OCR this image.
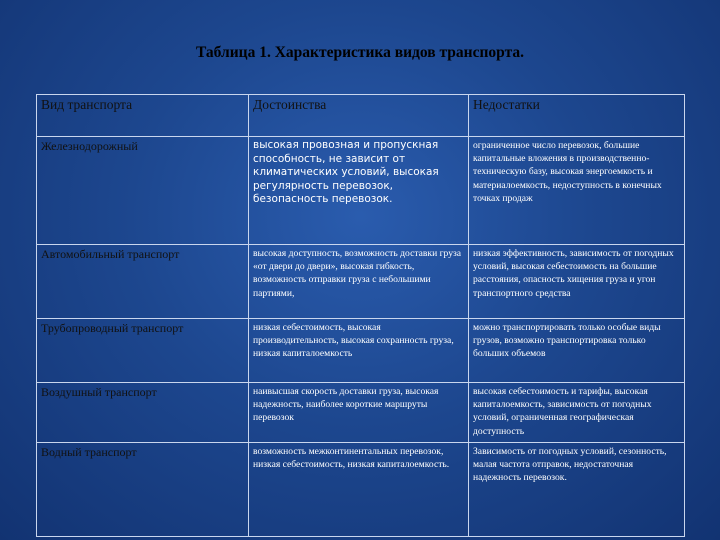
Таблица 1. Характеристика видов транспорта.
Вид транспорта	Достоинства	Недостатки
Железнодорожный	высокая провозная и пропускная способность, не зависит от климатических условий, высокая регулярность перевозок, безопасность перевозок.	ограниченное число перевозок, большие капитальные вложения в производственно-техническую базу, высокая энергоемкость и материалоемкость, недоступность в конечных точках продаж
Автомобильный транспорт	высокая доступность, возможность доставки груза «от двери до двери», высокая гибкость, возможность отправки груза с небольшими партиями,	низкая эффективность, зависимость от погодных условий, высокая себестоимость на большие расстояния, опасность хищения груза и угон транспортного средства
Трубопроводный транспорт	низкая себестоимость, высокая производительность, высокая сохранность груза, низкая капиталоемкость	можно транспортировать только особые виды грузов, возможно транспортировка только больших объемов
Воздушный транспорт	наивысшая скорость доставки груза, высокая надежность, наиболее короткие маршруты перевозок	высокая себестоимость и тарифы, высокая капиталоемкость, зависимость от погодных условий, ограниченная географическая доступность
Водный транспорт	возможность межконтинентальных перевозок, низкая себестоимость, низкая капиталоемкость.	Зависимость от погодных условий, сезонность, малая частота отправок, недостаточная надежность перевозок.
